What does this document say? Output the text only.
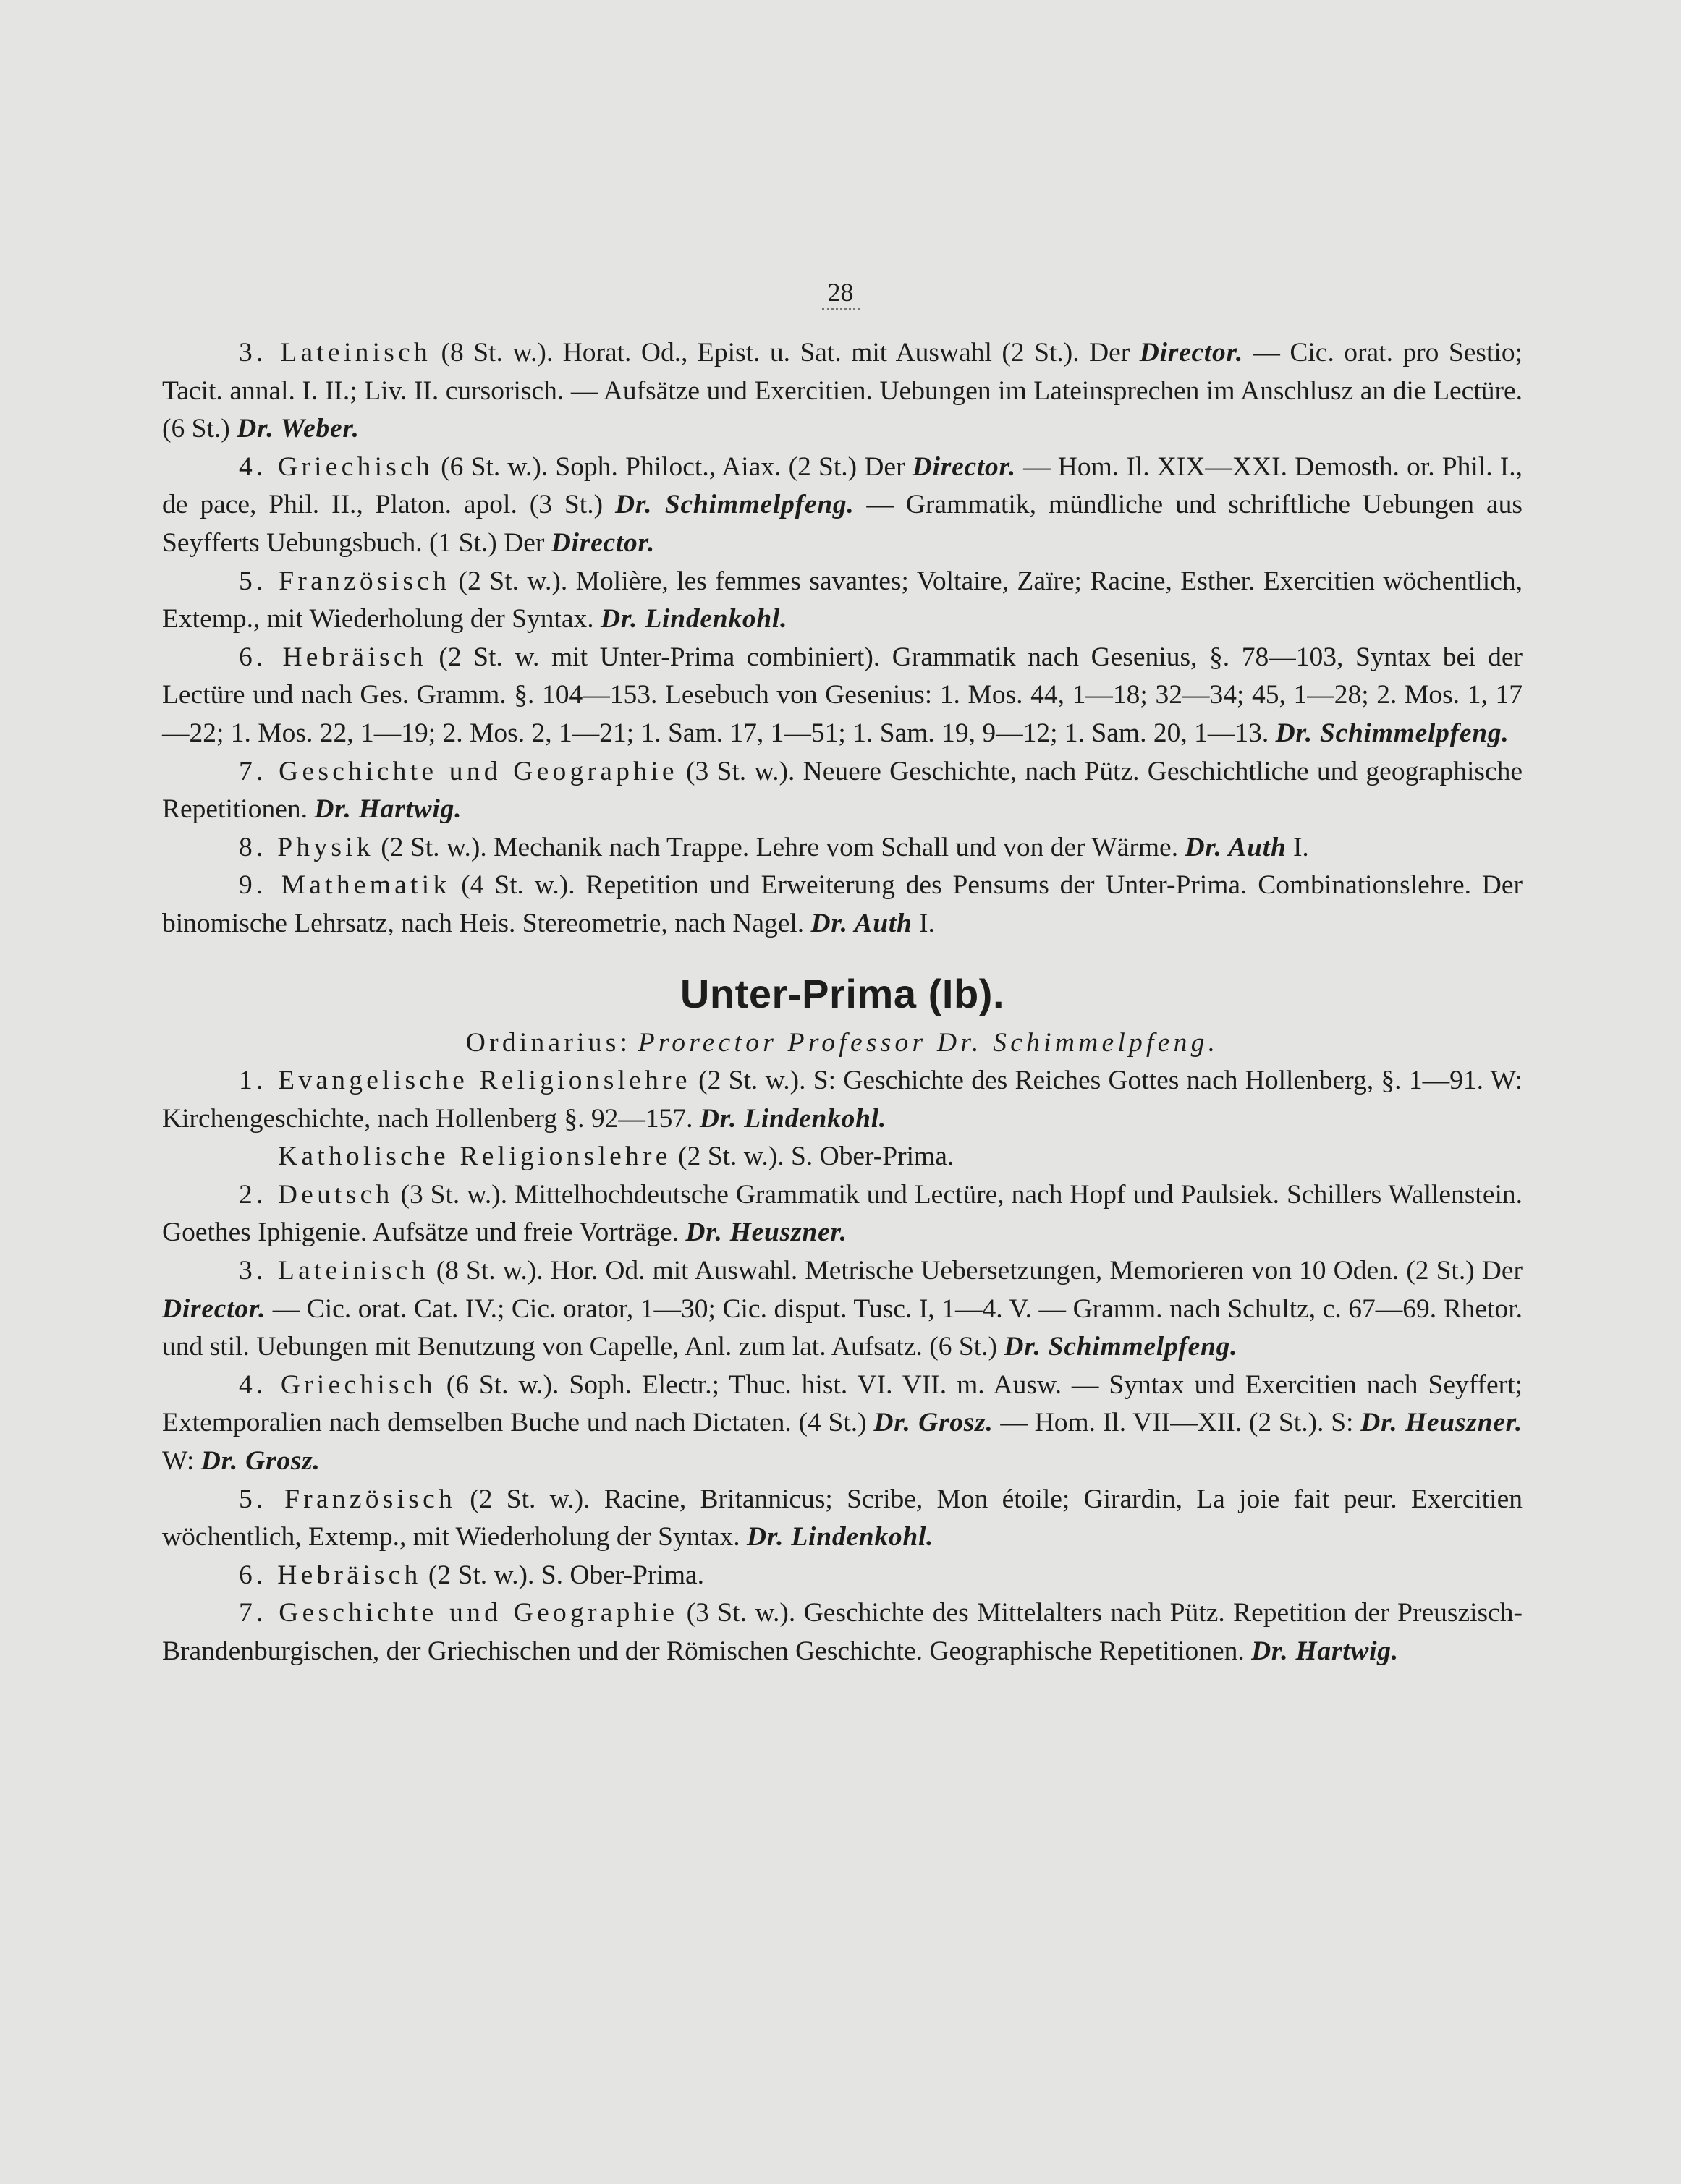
28

3. Lateinisch (8 St. w.). Horat. Od., Epist. u. Sat. mit Auswahl (2 St.). Der Director. — Cic. orat. pro Sestio; Tacit. annal. I. II.; Liv. II. cursorisch. — Aufsätze und Exercitien. Uebungen im Lateinsprechen im Anschlusz an die Lectüre. (6 St.) Dr. Weber.

4. Griechisch (6 St. w.). Soph. Philoct., Aiax. (2 St.) Der Director. — Hom. Il. XIX—XXI. Demosth. or. Phil. I., de pace, Phil. II., Platon. apol. (3 St.) Dr. Schimmelpfeng. — Grammatik, mündliche und schriftliche Uebungen aus Seyfferts Uebungsbuch. (1 St.) Der Director.

5. Französisch (2 St. w.). Molière, les femmes savantes; Voltaire, Zaïre; Racine, Esther. Exercitien wöchentlich, Extemp., mit Wiederholung der Syntax. Dr. Lindenkohl.

6. Hebräisch (2 St. w. mit Unter-Prima combiniert). Grammatik nach Gesenius, §. 78—103, Syntax bei der Lectüre und nach Ges. Gramm. §. 104—153. Lesebuch von Gesenius: 1. Mos. 44, 1—18; 32—34; 45, 1—28; 2. Mos. 1, 17—22; 1. Mos. 22, 1—19; 2. Mos. 2, 1—21; 1. Sam. 17, 1—51; 1. Sam. 19, 9—12; 1. Sam. 20, 1—13. Dr. Schimmelpfeng.

7. Geschichte und Geographie (3 St. w.). Neuere Geschichte, nach Pütz. Geschichtliche und geographische Repetitionen. Dr. Hartwig.

8. Physik (2 St. w.). Mechanik nach Trappe. Lehre vom Schall und von der Wärme. Dr. Auth I.

9. Mathematik (4 St. w.). Repetition und Erweiterung des Pensums der Unter-Prima. Combinationslehre. Der binomische Lehrsatz, nach Heis. Stereometrie, nach Nagel. Dr. Auth I.

Unter-Prima (Ib).

Ordinarius: Prorector Professor Dr. Schimmelpfeng.

1. Evangelische Religionslehre (2 St. w.). S: Geschichte des Reiches Gottes nach Hollenberg, §. 1—91. W: Kirchengeschichte, nach Hollenberg §. 92—157. Dr. Lindenkohl.

Katholische Religionslehre (2 St. w.). S. Ober-Prima.

2. Deutsch (3 St. w.). Mittelhochdeutsche Grammatik und Lectüre, nach Hopf und Paulsiek. Schillers Wallenstein. Goethes Iphigenie. Aufsätze und freie Vorträge. Dr. Heuszner.

3. Lateinisch (8 St. w.). Hor. Od. mit Auswahl. Metrische Uebersetzungen, Memorieren von 10 Oden. (2 St.) Der Director. — Cic. orat. Cat. IV.; Cic. orator, 1—30; Cic. disput. Tusc. I, 1—4. V. — Gramm. nach Schultz, c. 67—69. Rhetor. und stil. Uebungen mit Benutzung von Capelle, Anl. zum lat. Aufsatz. (6 St.) Dr. Schimmelpfeng.

4. Griechisch (6 St. w.). Soph. Electr.; Thuc. hist. VI. VII. m. Ausw. — Syntax und Exercitien nach Seyffert; Extemporalien nach demselben Buche und nach Dictaten. (4 St.) Dr. Grosz. — Hom. Il. VII—XII. (2 St.). S: Dr. Heuszner. W: Dr. Grosz.

5. Französisch (2 St. w.). Racine, Britannicus; Scribe, Mon étoile; Girardin, La joie fait peur. Exercitien wöchentlich, Extemp., mit Wiederholung der Syntax. Dr. Lindenkohl.

6. Hebräisch (2 St. w.). S. Ober-Prima.

7. Geschichte und Geographie (3 St. w.). Geschichte des Mittelalters nach Pütz. Repetition der Preuszisch-Brandenburgischen, der Griechischen und der Römischen Geschichte. Geographische Repetitionen. Dr. Hartwig.
